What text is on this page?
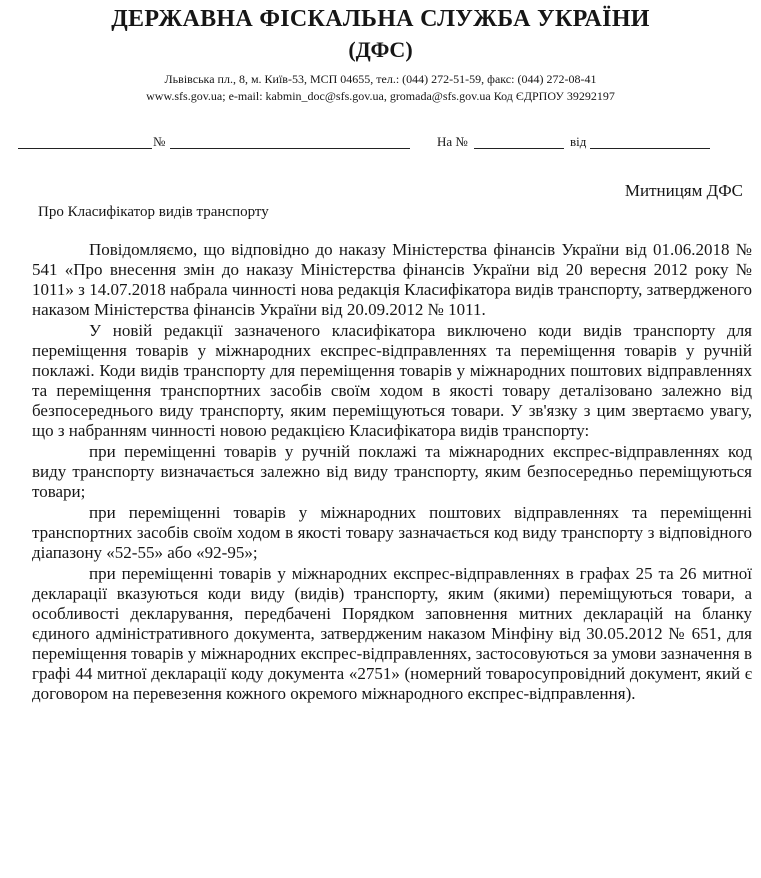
ДЕРЖАВНА ФІСКАЛЬНА СЛУЖБА УКРАЇНИ
(ДФС)
Львівська пл., 8, м. Київ-53, МСП 04655, тел.: (044) 272-51-59, факс: (044) 272-08-41
www.sfs.gov.ua; e-mail: kabmin_doc@sfs.gov.ua, gromada@sfs.gov.ua Код ЄДРПОУ 39292197
№	На №	від
Митницям ДФС
Про Класифікатор видів транспорту

Повідомляємо, що відповідно до наказу Міністерства фінансів України від 01.06.2018 № 541 «Про внесення змін до наказу Міністерства фінансів України від 20 вересня 2012 року № 1011» з 14.07.2018 набрала чинності нова редакція Класифікатора видів транспорту, затвердженого наказом Міністерства фінансів України від 20.09.2012 № 1011.

У новій редакції зазначеного класифікатора виключено коди видів транспорту для переміщення товарів у міжнародних експрес-відправленнях та переміщення товарів у ручній поклажі. Коди видів транспорту для переміщення товарів у міжнародних поштових відправленнях та переміщення транспортних засобів своїм ходом в якості товару деталізовано залежно від безпосереднього виду транспорту, яким переміщуються товари. У зв'язку з цим звертаємо увагу, що з набранням чинності новою редакцією Класифікатора видів транспорту:

при переміщенні товарів у ручній поклажі та міжнародних експрес-відправленнях код виду транспорту визначається залежно від виду транспорту, яким безпосередньо переміщуються товари;

при переміщенні товарів у міжнародних поштових відправленнях та переміщенні транспортних засобів своїм ходом в якості товару зазначається код виду транспорту з відповідного діапазону «52-55» або «92-95»;

при переміщенні товарів у міжнародних експрес-відправленнях в графах 25 та 26 митної декларації вказуються коди виду (видів) транспорту, яким (якими) переміщуються товари, а особливості декларування, передбачені Порядком заповнення митних декларацій на бланку єдиного адміністративного документа, затвердженим наказом Мінфіну від 30.05.2012 № 651, для переміщення товарів у міжнародних експрес-відправленнях, застосовуються за умови зазначення в графі 44 митної декларації коду документа «2751» (номерний товаросупровідний документ, який є договором на перевезення кожного окремого міжнародного експрес-відправлення).
